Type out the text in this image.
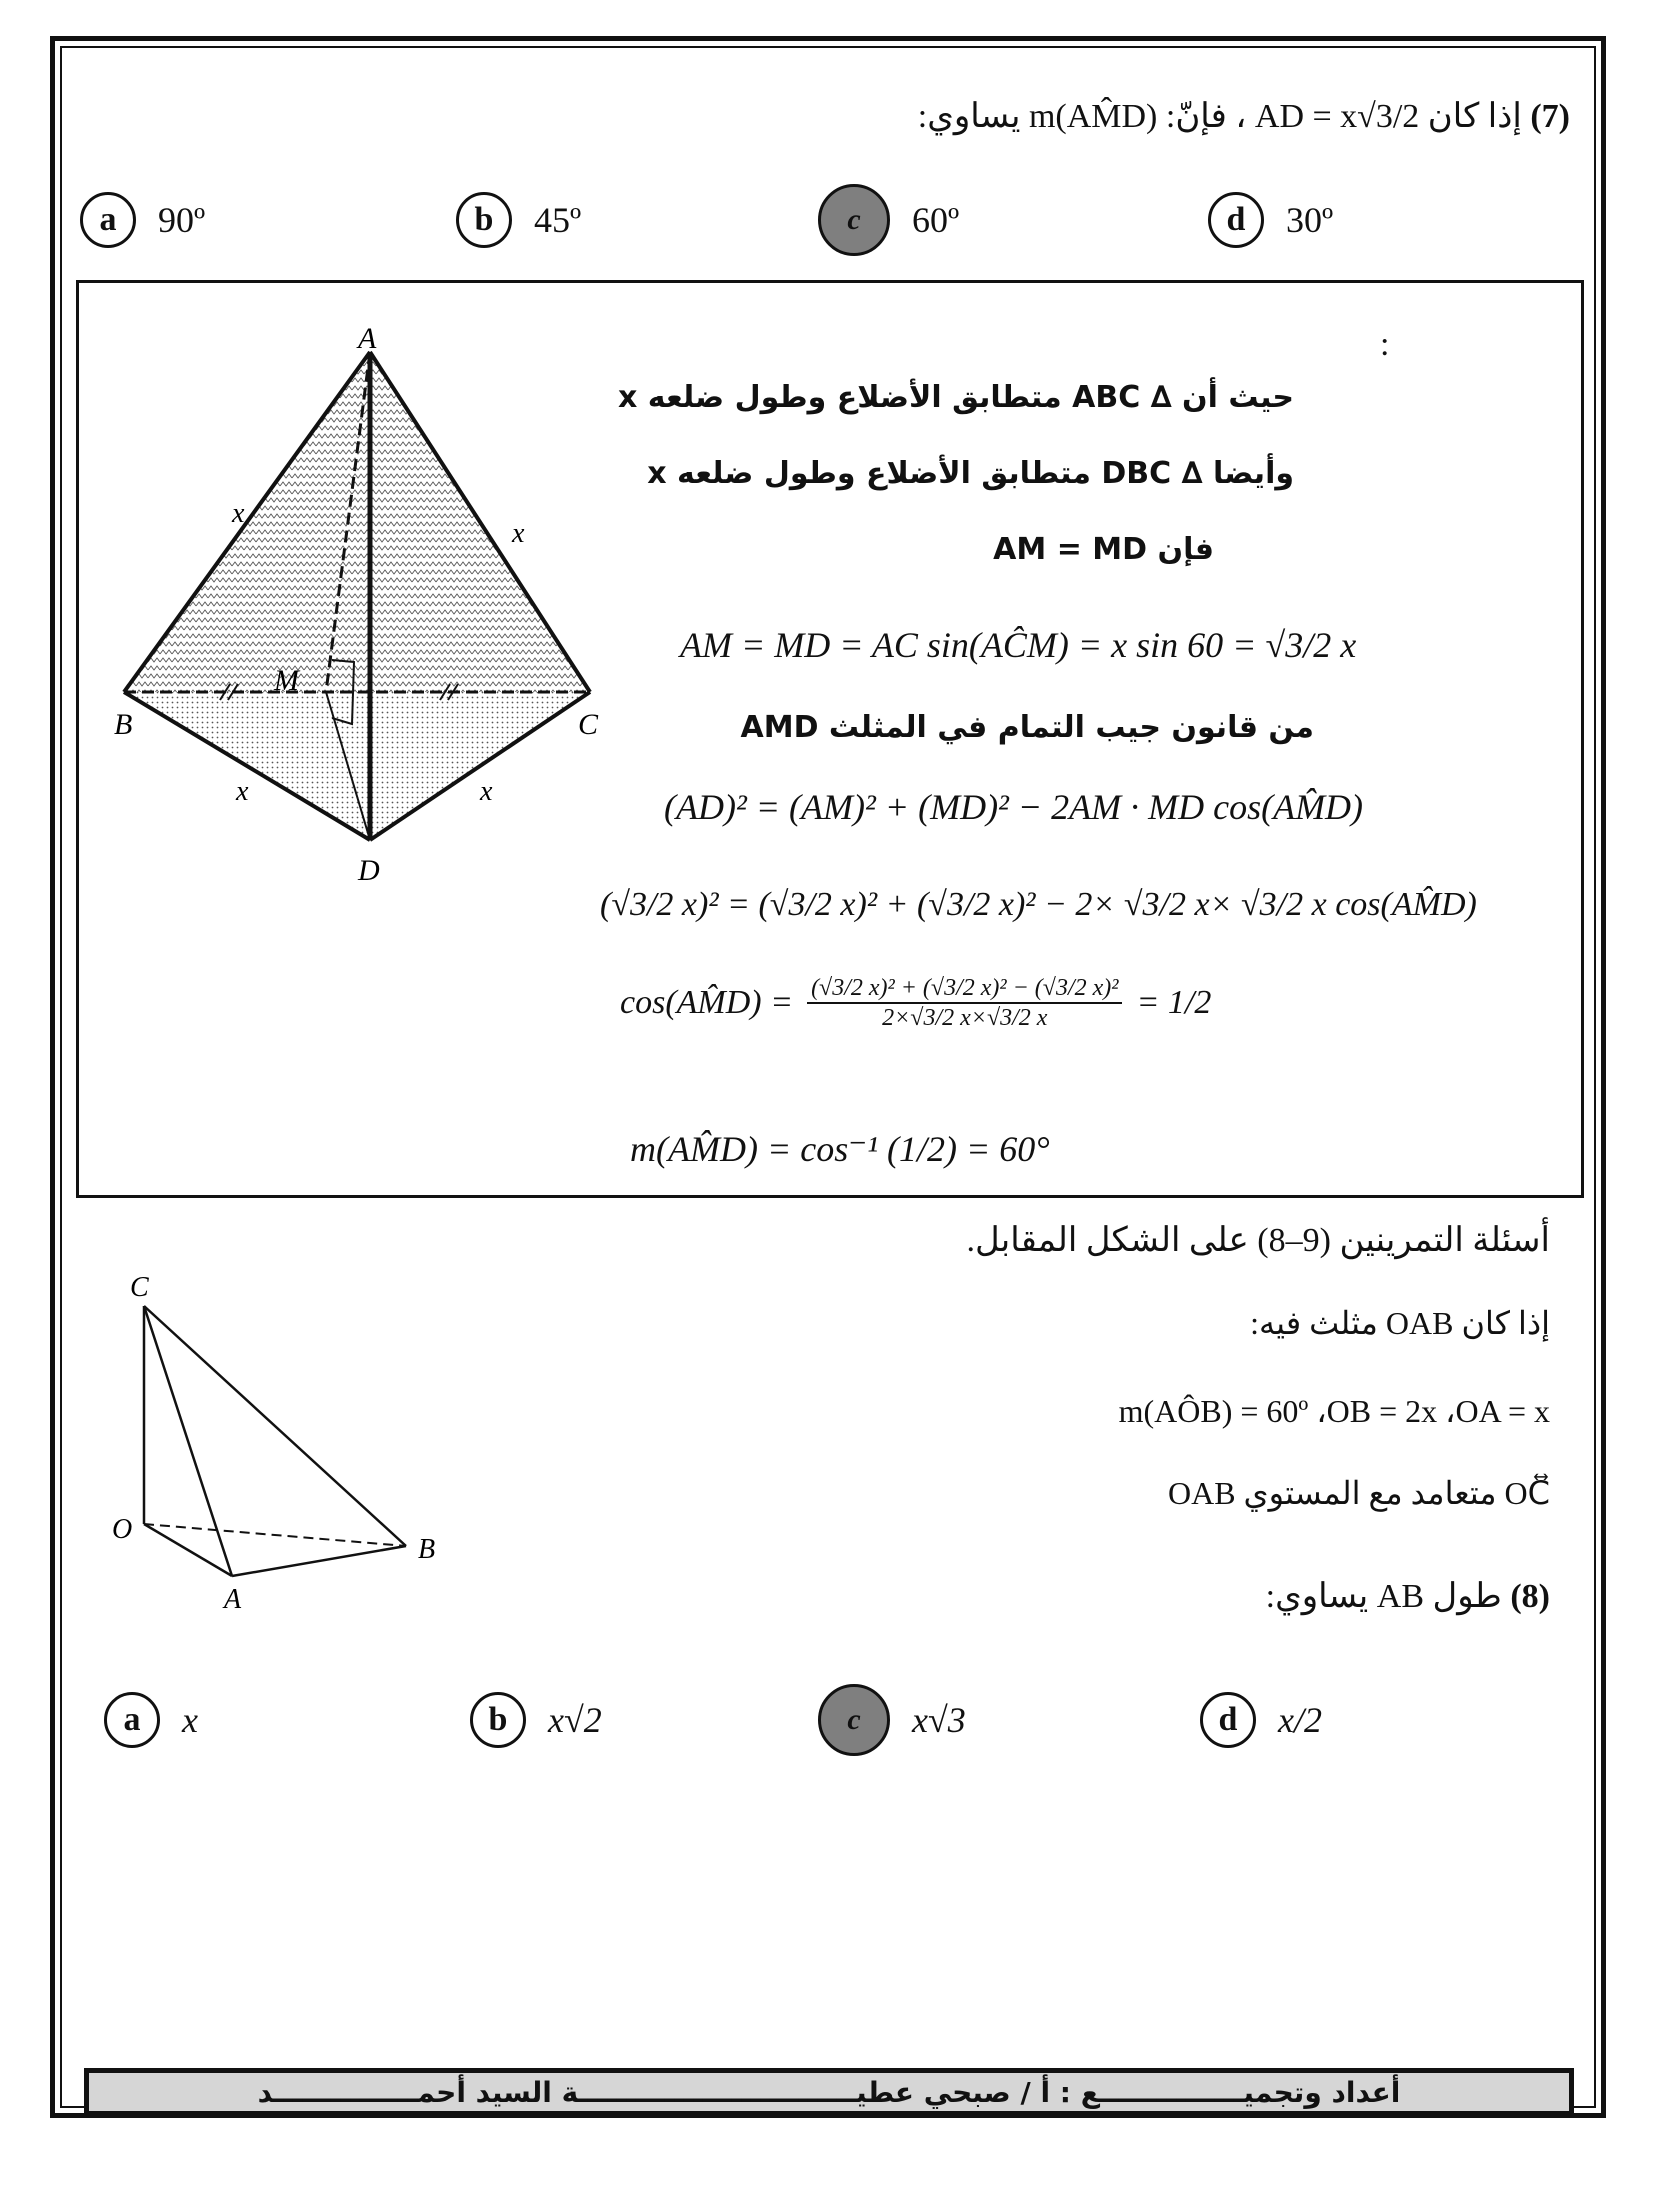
(7) إذا كان AD = x√3/2 ، فإنّ: m(AM̂D) يساوي:
a	90º	b	45º	c	60º	d	30º
A
B	C
D
M
x
x
x	x
:
حيث أن ∆ ABC متطابق الأضلاع وطول ضلعه x
وأيضا ∆ DBC متطابق الأضلاع وطول ضلعه x
فإن AM = MD
AM = MD = AC sin(AĈM) = x sin 60 = √3/2 x
من قانون جيب التمام في المثلث AMD
(AD)² = (AM)² + (MD)² − 2AM · MD cos(AM̂D)
(√3/2 x)² = (√3/2 x)² + (√3/2 x)² − 2× √3/2 x× √3/2 x cos(AM̂D)
cos(AM̂D) = $\frac{\text{(√3/2 x)² + (√3/2 x)² − (√3/2 x)²}}{2\times√3/2 x\times√3/2 x} = 1/2$
m(AM̂D) = cos⁻¹ (1/2) = 60°
أسئلة التمرينين (9–8) على الشكل المقابل.
إذا كان OAB مثلث فيه:
m(AÔB) = 60º ،OB = 2x ،OA = x
OC⃡ متعامد مع المستوي OAB
C
O
B
A	(8) طول AB يساوي:
a	x	b	x√2	c	x√3	d	x/2
أعداد وتجميـــــــــــــــع : أ / صبحي عطيـــــــــــــــــــــــــــــة السيد أحمـــــــــــــــد
